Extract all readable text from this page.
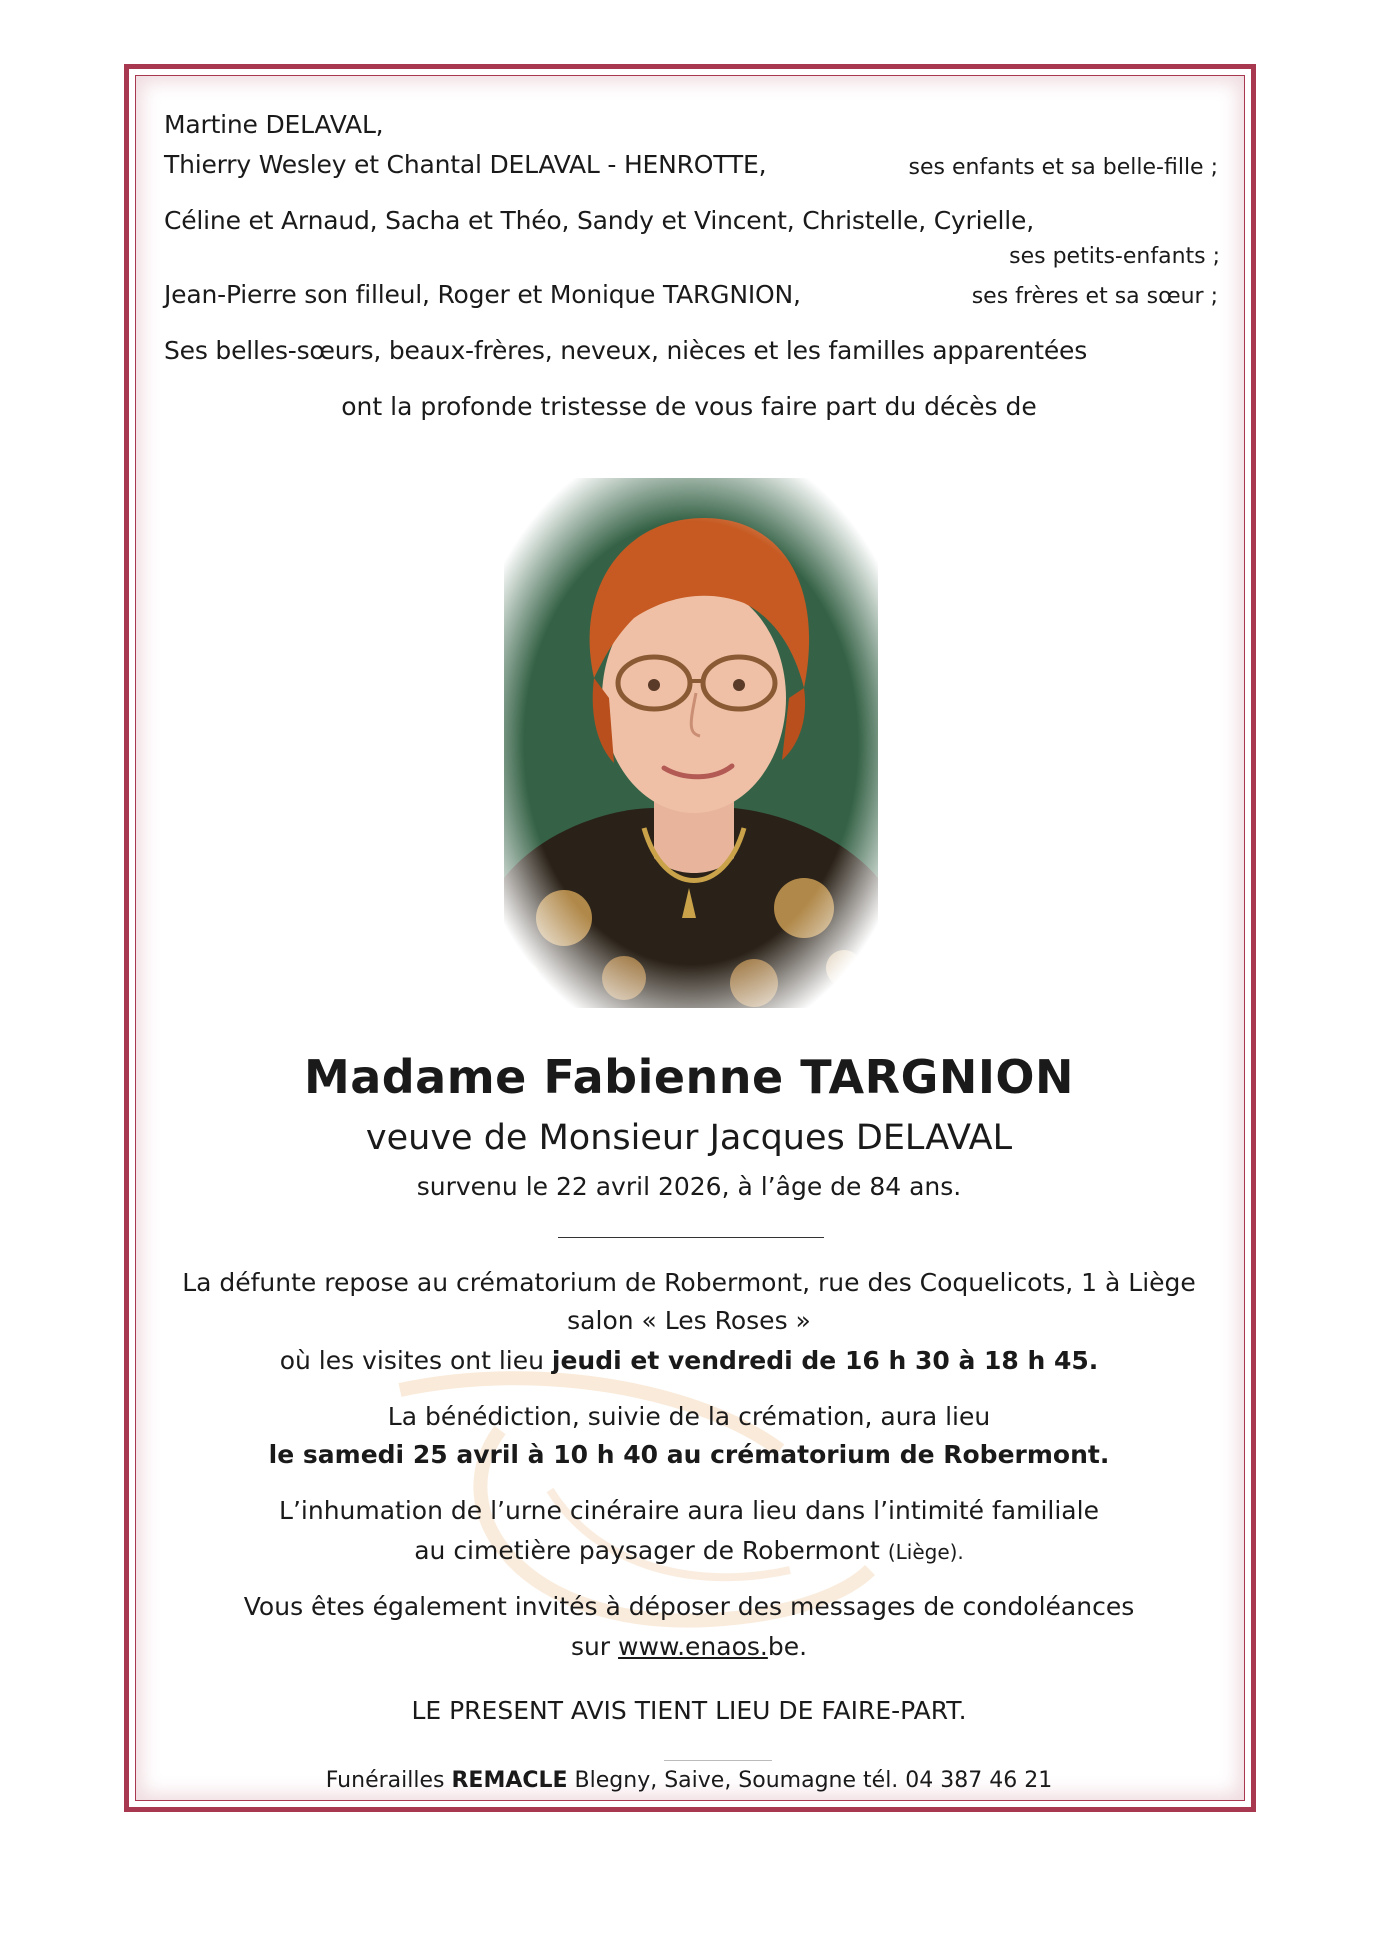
Martine DELAVAL,
Thierry Wesley et Chantal DELAVAL - HENROTTE,	ses enfants et sa belle-fille ;
Céline et Arnaud, Sacha et Théo, Sandy et Vincent, Christelle, Cyrielle,
ses petits-enfants ;
Jean-Pierre son filleul, Roger et Monique TARGNION,	ses frères et sa sœur ;
Ses belles-sœurs, beaux-frères, neveux, nièces et les familles apparentées
ont la profonde tristesse de vous faire part du décès de
Madame Fabienne TARGNION
veuve de Monsieur Jacques DELAVAL
survenu le 22 avril 2026, à l’âge de 84 ans.
La défunte repose au crématorium de Robermont, rue des Coquelicots, 1 à Liège
salon « Les Roses »
où les visites ont lieu jeudi et vendredi de 16 h 30 à 18 h 45.
La bénédiction, suivie de la crémation, aura lieu
le samedi 25 avril à 10 h 40 au crématorium de Robermont.
L’inhumation de l’urne cinéraire aura lieu dans l’intimité familiale
au cimetière paysager de Robermont (Liège).
Vous êtes également invités à déposer des messages de condoléances
sur www.enaos.be.
LE PRESENT AVIS TIENT LIEU DE FAIRE-PART.
Funérailles REMACLE Blegny, Saive, Soumagne tél. 04 387 46 21
